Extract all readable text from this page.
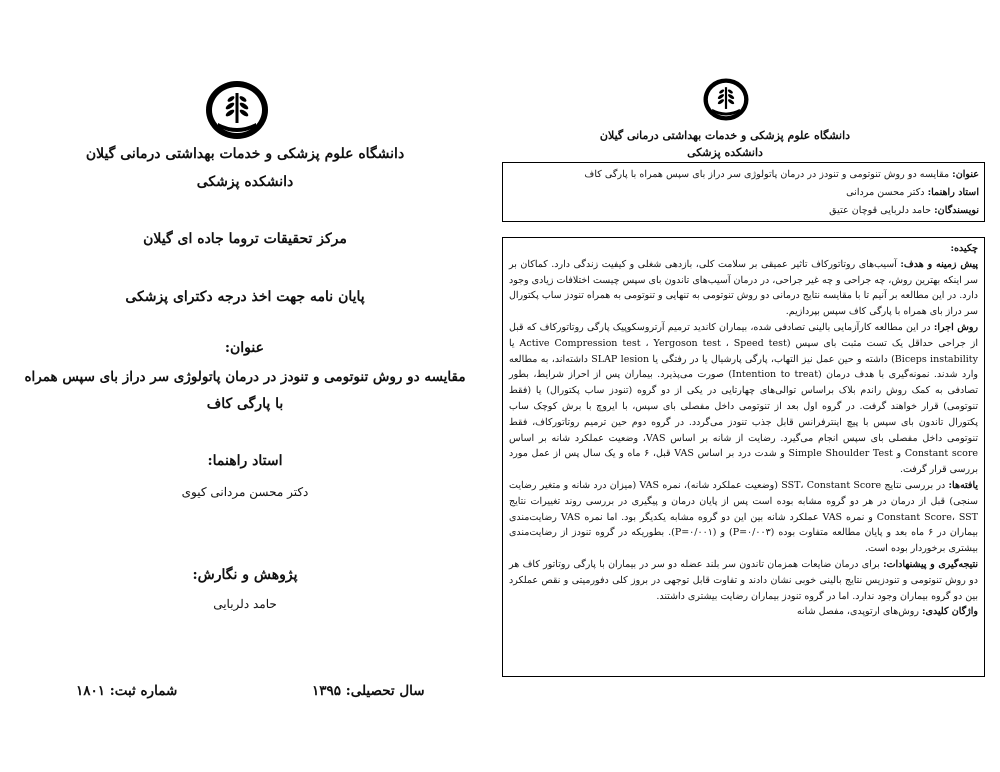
دانشگاه علوم پزشکی و خدمات بهداشتی درمانی گیلان
دانشکده پزشکی
مرکز تحقیقات تروما جاده ای گیلان
پایان نامه جهت اخذ درجه دکترای پزشکی
عنوان:
مقایسه دو روش تنوتومی و تنودز در درمان پاتولوژی سر دراز بای سپس همراه
با پارگی کاف
استاد راهنما:
دکتر محسن مردانی کیوی
پژوهش و نگارش:
حامد دلربایی
سال تحصیلی: ۱۳۹۵
شماره ثبت: ۱۸۰۱
دانشگاه علوم پزشکی و خدمات بهداشتی درمانی گیلان
دانشکده پزشکی
عنوان: مقایسه دو روش تنوتومی و تنودز در درمان پاتولوژی سر دراز بای سپس همراه با پارگی کاف
استاد راهنما: دکتر محسن مردانی
نویسندگان: حامد دلربایی قوچان عتیق

چکیده:

پیش زمینه و هدف: آسیب‌های روتاتورکاف تاثیر عمیقی بر سلامت کلی، بازدهی شغلی و کیفیت زندگی دارد. کماکان بر سر اینکه بهترین روش، چه جراحی و چه غیر جراحی، در درمان آسیب‌های تاندون بای سپس چیست اختلافات زیادی وجود دارد. در این مطالعه بر آنیم تا با مقایسه نتایج درمانی دو روش تنوتومی به تنهایی و تنوتومی به همراه تنودز ساب پکتورال سر دراز بای همراه با پارگی کاف سپس بپردازیم.

روش اجرا: در این مطالعه کارآزمایی بالینی تصادفی شده، بیماران کاندید ترمیم آرتروسکوپیک پارگی روتاتورکاف که قبل از جراحی حداقل یک تست مثبت بای سپس (Active Compression test ، Yergoson test ، Speed test یا Biceps instability) داشته و حین عمل نیز التهاب، پارگی پارشیال یا در رفتگی یا SLAP lesion داشته‌اند، به مطالعه وارد شدند. نمونه‌گیری با هدف درمان (Intention to treat) صورت می‌پذیرد. بیماران پس از احراز شرایط، بطور تصادفی به کمک روش راندم بلاک براساس توالی‌های چهارتایی در یکی از دو گروه (تنودز ساب پکتورال) یا (فقط تنوتومی) قرار خواهند گرفت. در گروه اول بعد از تنوتومی داخل مفصلی بای سپس، با ایروچ با برش کوچک ساب پکتورال تاندون بای سپس با پیچ اینترفرانس قابل جذب تنودز می‌گردد. در گروه دوم حین ترمیم روتاتورکاف، فقط تنوتومی داخل مفصلی بای سپس انجام می‌گیرد. رضایت از شانه بر اساس VAS، وضعیت عملکرد شانه بر اساس Constant score و Simple Shoulder Test و شدت درد بر اساس VAS قبل، ۶ ماه و یک سال پس از عمل مورد بررسی قرار گرفت.

یافته‌ها: در بررسی نتایج SST، Constant Score (وضعیت عملکرد شانه)، نمره VAS (میزان درد شانه و متغیر رضایت سنجی) قبل از درمان در هر دو گروه مشابه بوده است پس از پایان درمان و پیگیری در بررسی روند تغییرات نتایج Constant Score، SST و نمره VAS عملکرد شانه بین این دو گروه مشابه یکدیگر بود. اما نمره VAS رضایت‌مندی بیماران در ۶ ماه بعد و پایان مطالعه متفاوت بوده (P=۰/۰۰۳) و (P=۰/۰۰۱). بطوریکه در گروه تنودز از رضایت‌مندی بیشتری برخوردار بوده است.

نتیجه‌گیری و پیشنهادات: برای درمان ضایعات همزمان تاندون سر بلند عضله دو سر در بیماران با پارگی روتاتور کاف هر دو روش تنوتومی و تنودزیس نتایج بالینی خوبی نشان دادند و تفاوت قابل توجهی در بروز کلی دفورمیتی و نقص عملکرد بین دو گروه بیماران وجود ندارد. اما در گروه تنودز بیماران رضایت بیشتری داشتند.

واژگان کلیدی: روش‌های ارتوپدی، مفصل شانه
